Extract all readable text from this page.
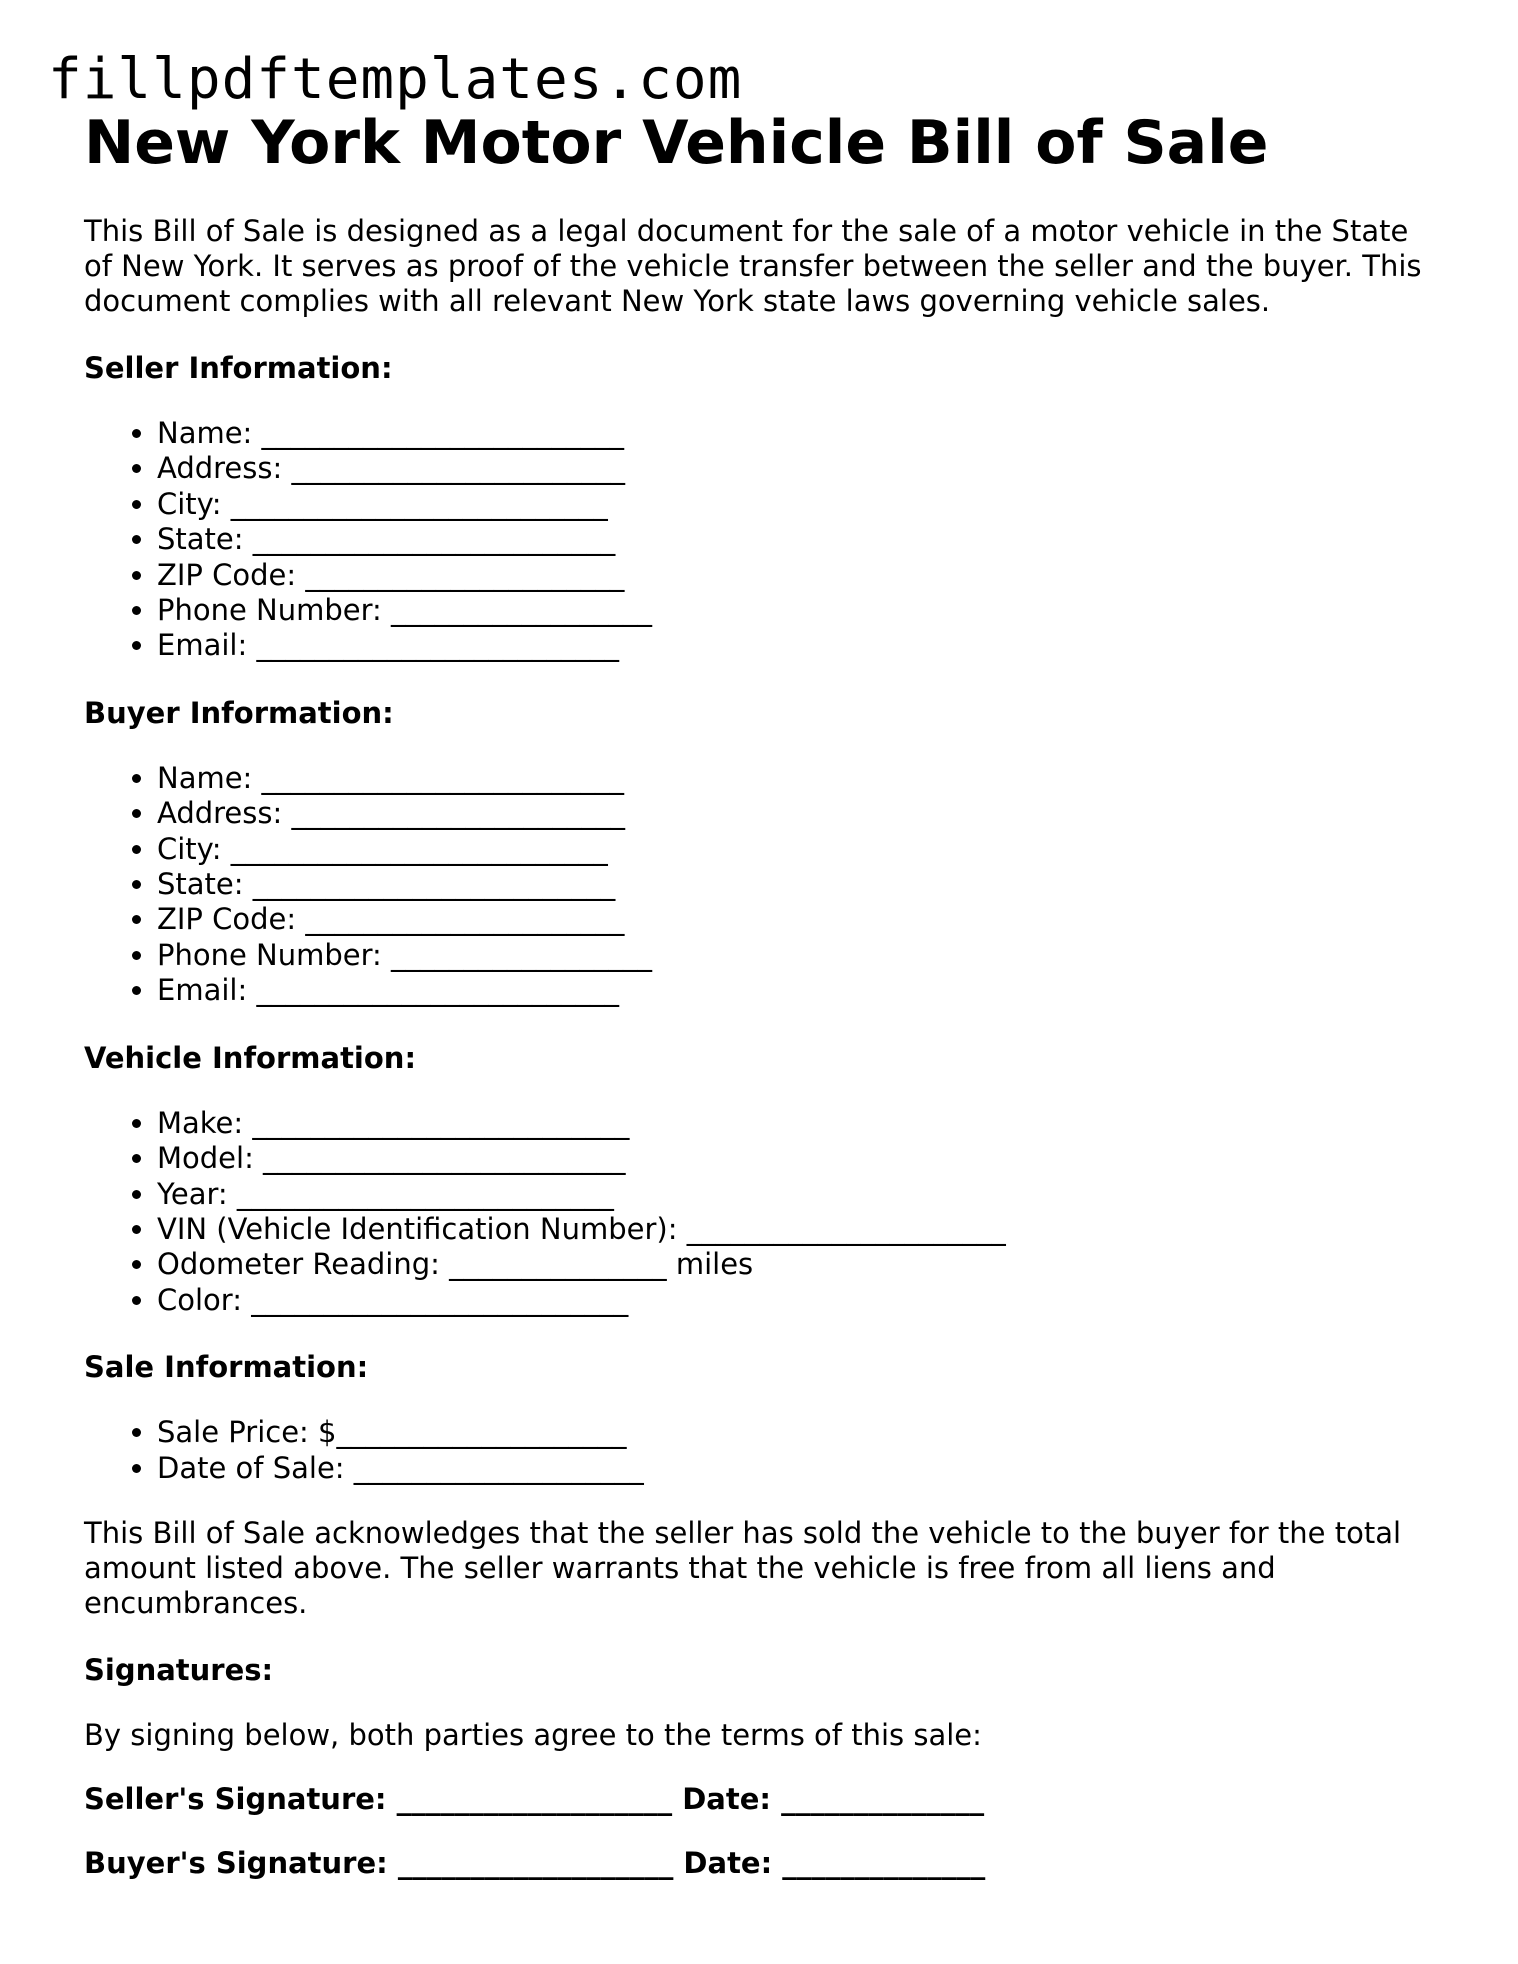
fillpdftemplates.com
New York Motor Vehicle Bill of Sale

This Bill of Sale is designed as a legal document for the sale of a motor vehicle in the State of New York. It serves as proof of the vehicle transfer between the seller and the buyer. This document complies with all relevant New York state laws governing vehicle sales.

Seller Information:
• Name: _________________________
• Address: _______________________
• City: __________________________
• State: _________________________
• ZIP Code: ______________________
• Phone Number: __________________
• Email: _________________________
Buyer Information:
• Name: _________________________
• Address: _______________________
• City: __________________________
• State: _________________________
• ZIP Code: ______________________
• Phone Number: __________________
• Email: _________________________
Vehicle Information:
• Make: __________________________
• Model: _________________________
• Year: __________________________
• VIN (Vehicle Identification Number): ______________________
• Odometer Reading: _______________ miles
• Color: __________________________
Sale Information:
• Sale Price: $____________________
• Date of Sale: ____________________

This Bill of Sale acknowledges that the seller has sold the vehicle to the buyer for the total amount listed above. The seller warrants that the vehicle is free from all liens and encumbrances.

Signatures:

By signing below, both parties agree to the terms of this sale:

Seller's Signature: ___________________ Date: ______________
Buyer's Signature: ___________________ Date: ______________
